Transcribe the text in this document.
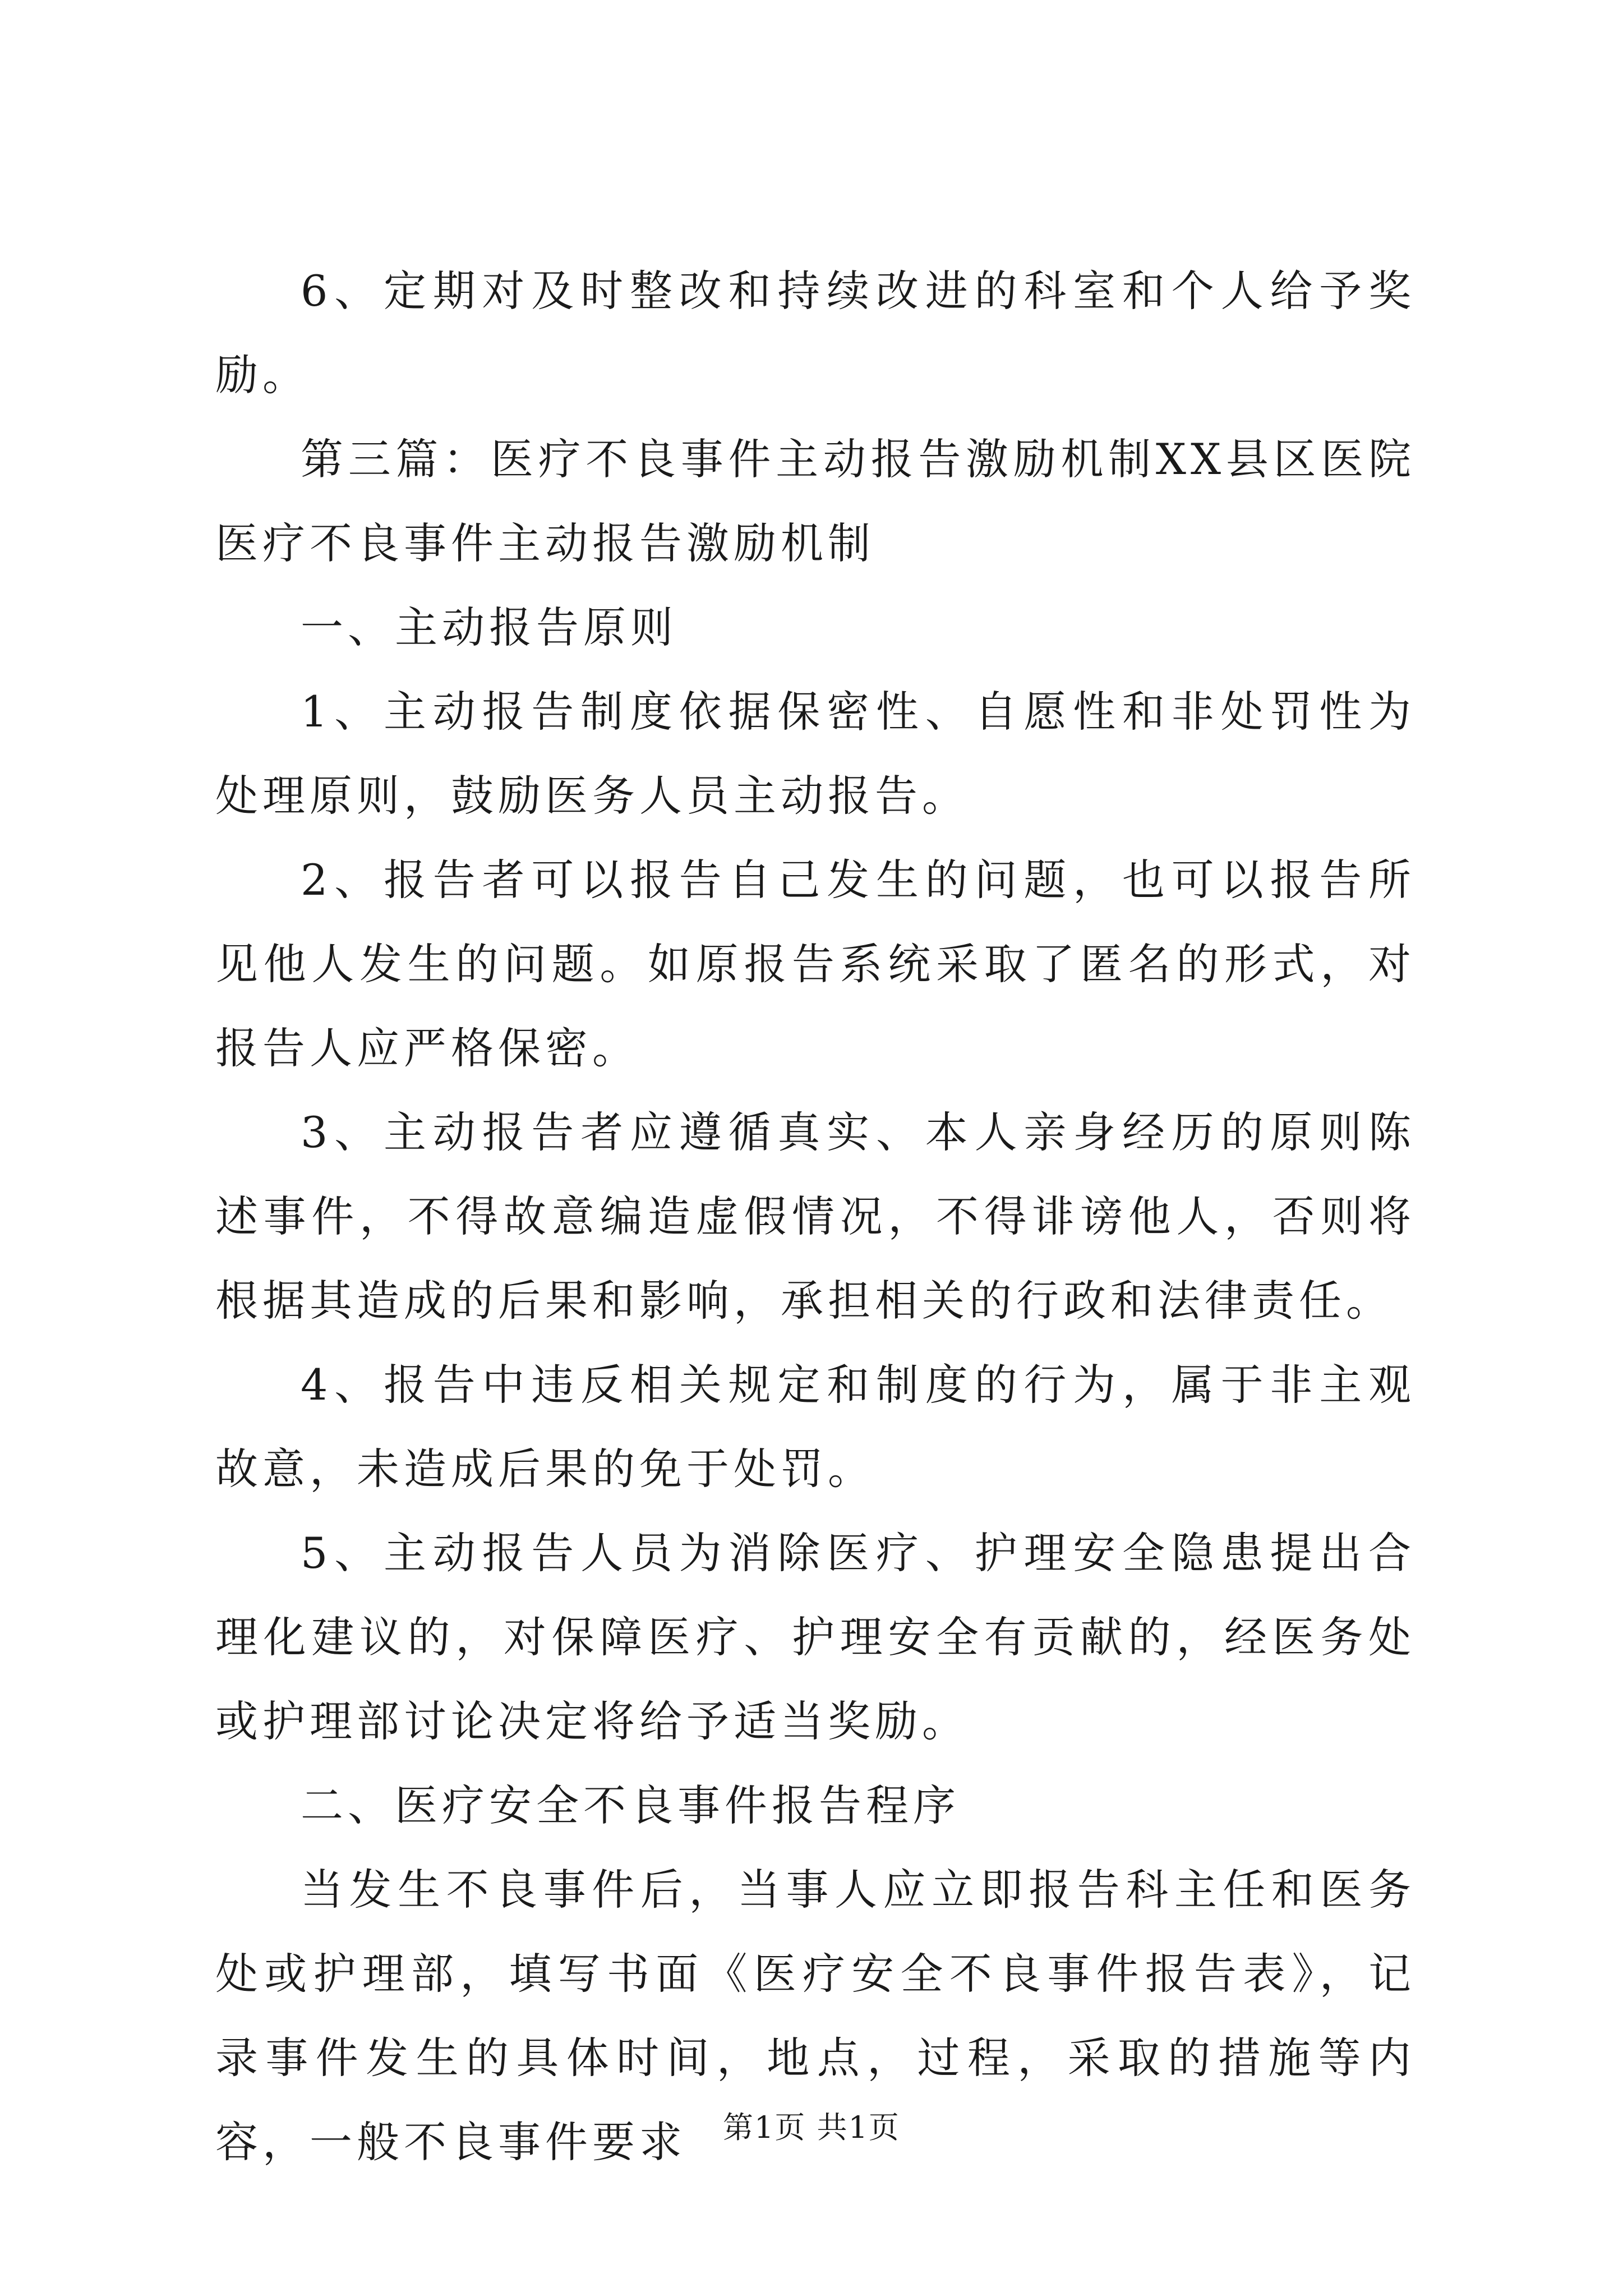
6、定期对及时整改和持续改进的科室和个人给予奖励。

第三篇：医疗不良事件主动报告激励机制XX县区医院医疗不良事件主动报告激励机制

一、主动报告原则

1、主动报告制度依据保密性、自愿性和非处罚性为处理原则，鼓励医务人员主动报告。

2、报告者可以报告自己发生的问题，也可以报告所见他人发生的问题。如原报告系统采取了匿名的形式，对报告人应严格保密。

3、主动报告者应遵循真实、本人亲身经历的原则陈述事件，不得故意编造虚假情况，不得诽谤他人，否则将根据其造成的后果和影响，承担相关的行政和法律责任。

4、报告中违反相关规定和制度的行为，属于非主观故意，未造成后果的免于处罚。

5、主动报告人员为消除医疗、护理安全隐患提出合理化建议的，对保障医疗、护理安全有贡献的，经医务处或护理部讨论决定将给予适当奖励。

二、医疗安全不良事件报告程序

当发生不良事件后，当事人应立即报告科主任和医务处或护理部，填写书面《医疗安全不良事件报告表》，记录事件发生的具体时间，地点，过程，采取的措施等内容，一般不良事件要求	第1页 共1页
